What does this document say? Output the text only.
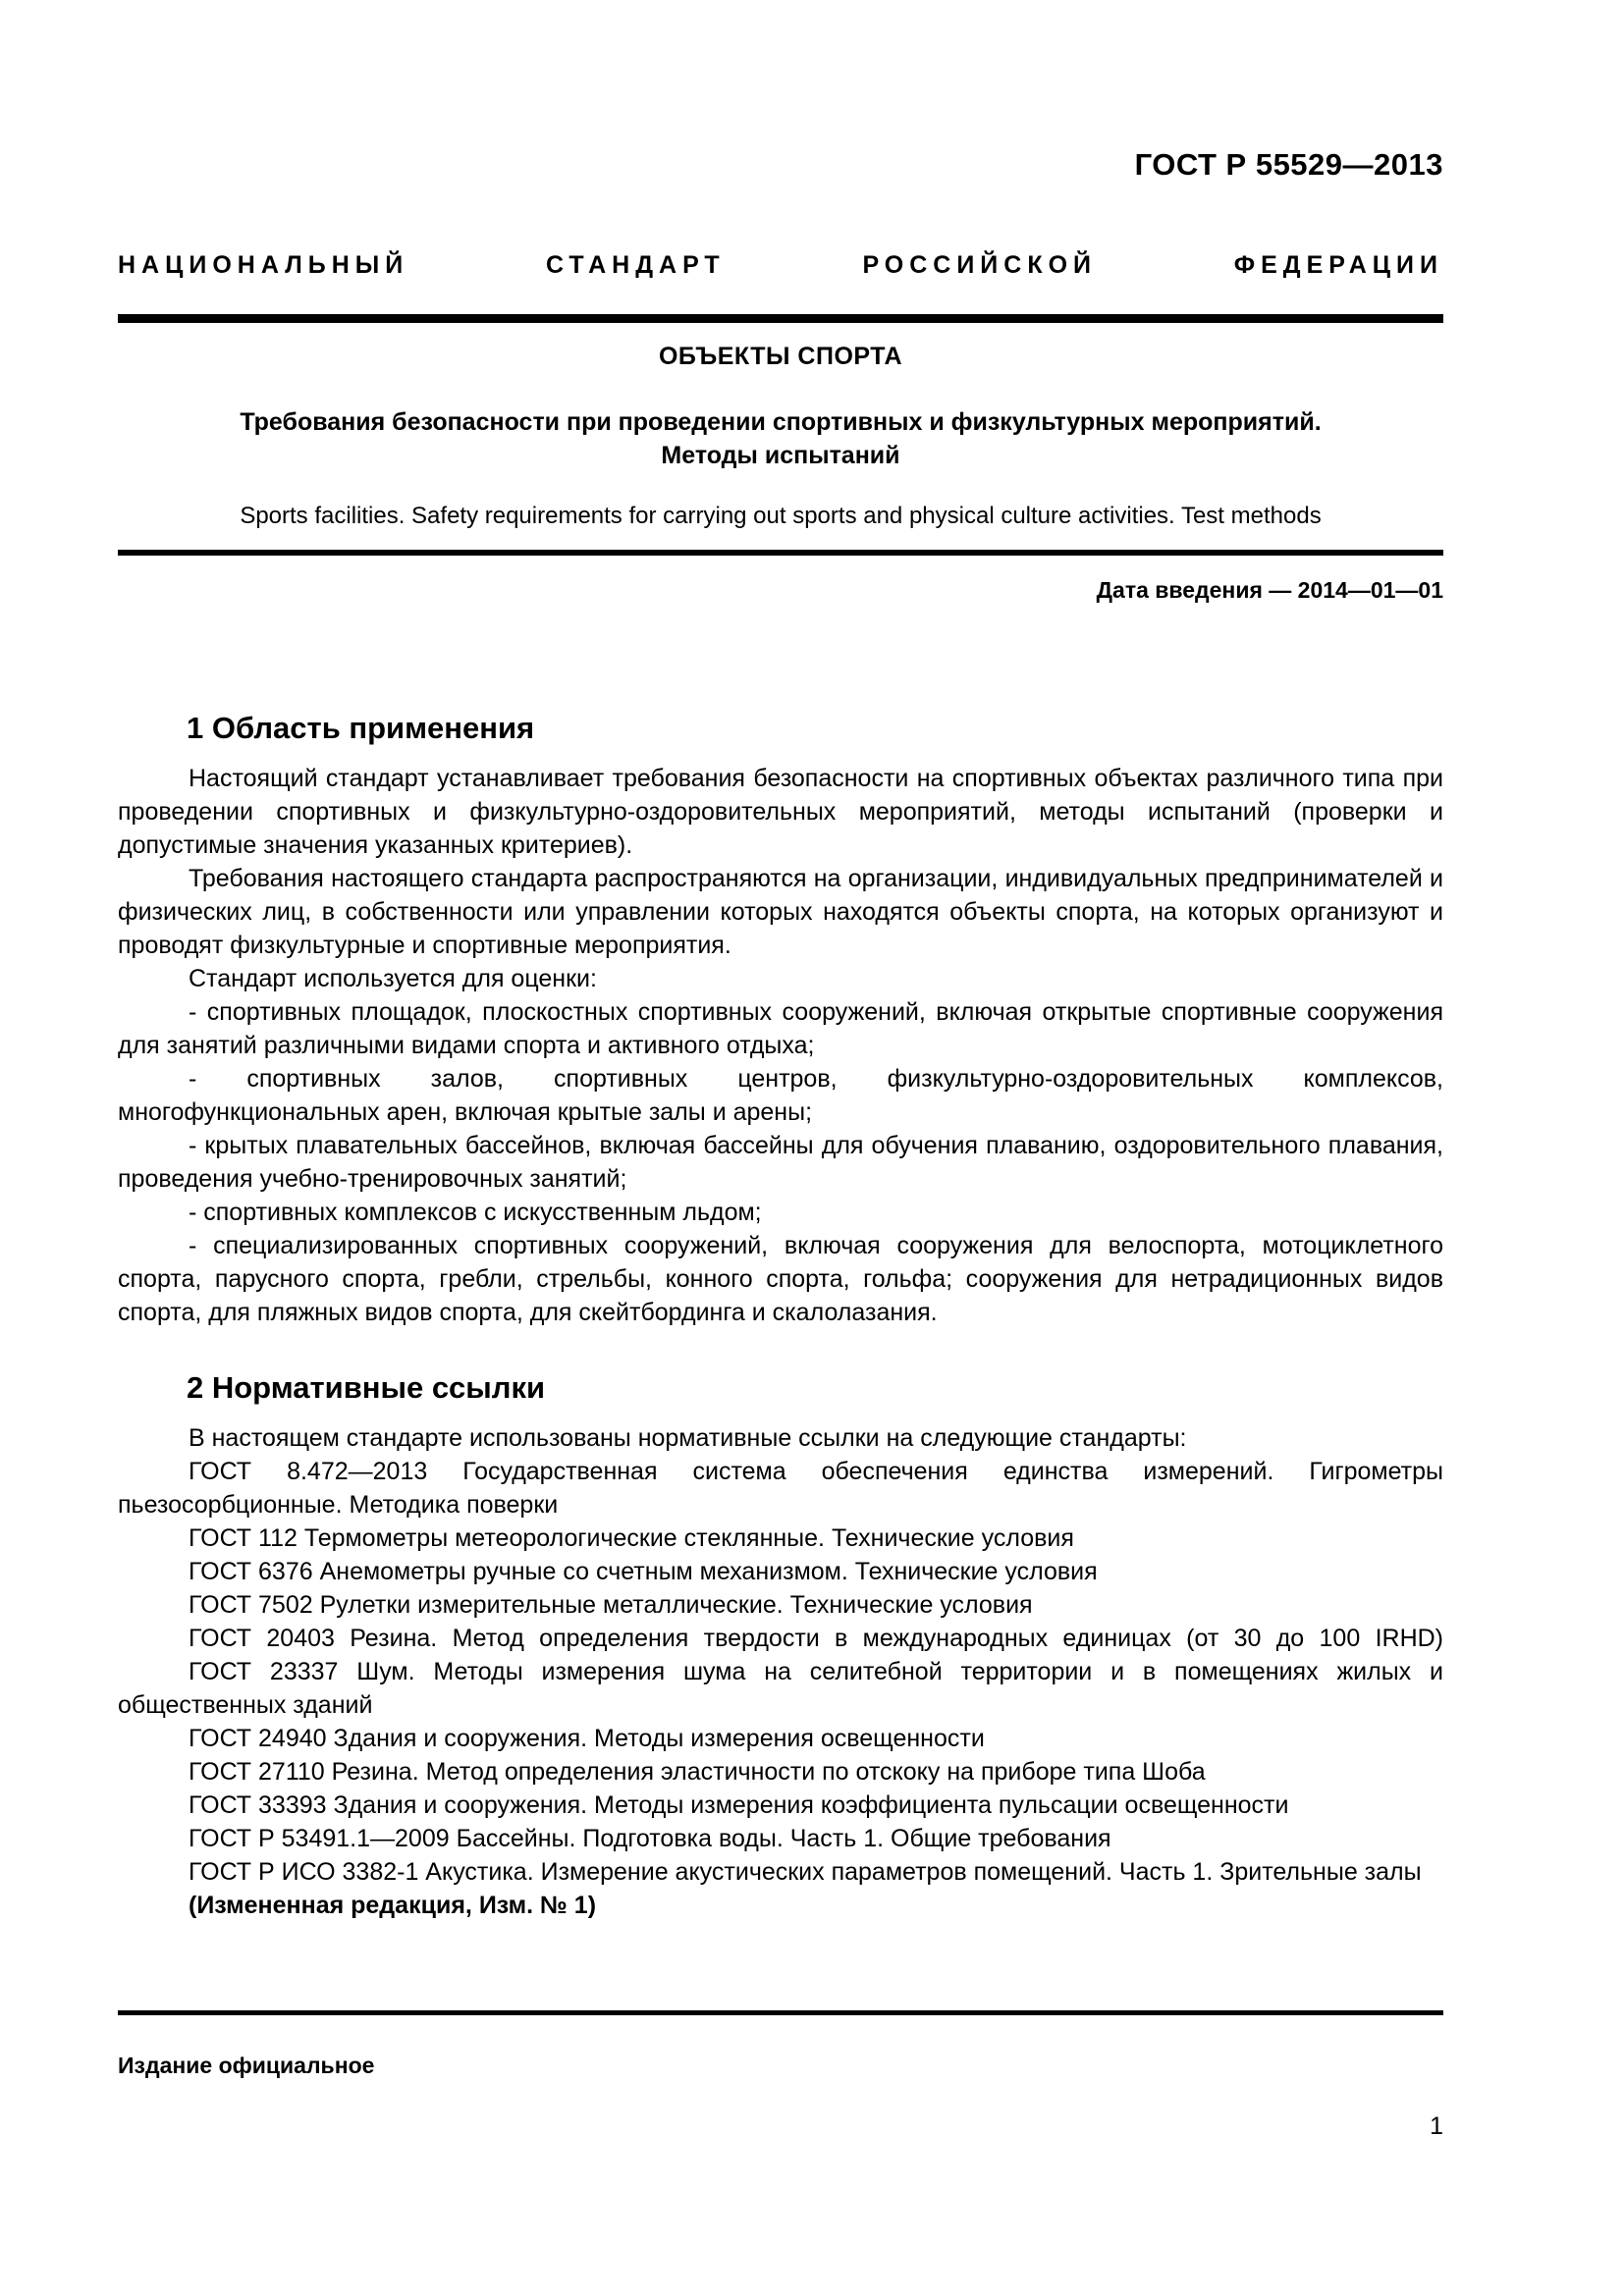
ГОСТ Р 55529—2013
НАЦИОНАЛЬНЫЙ СТАНДАРТ РОССИЙСКОЙ ФЕДЕРАЦИИ
ОБЪЕКТЫ СПОРТА
Требования безопасности при проведении спортивных и физкультурных мероприятий.
Методы испытаний
Sports facilities. Safety requirements for carrying out sports and physical culture activities. Test methods
Дата введения — 2014—01—01
1 Область применения

Настоящий стандарт устанавливает требования безопасности на спортивных объектах различного типа при проведении спортивных и физкультурно-оздоровительных мероприятий, методы испытаний (проверки и допустимые значения указанных критериев).

Требования настоящего стандарта распространяются на организации, индивидуальных предпринимателей и физических лиц, в собственности или управлении которых находятся объекты спорта, на которых организуют и проводят физкультурные и спортивные мероприятия.

Стандарт используется для оценки:

- спортивных площадок, плоскостных спортивных сооружений, включая открытые спортивные сооружения для занятий различными видами спорта и активного отдыха;

- спортивных залов, спортивных центров, физкультурно-оздоровительных комплексов, многофункциональных арен, включая крытые залы и арены;

- крытых плавательных бассейнов, включая бассейны для обучения плаванию, оздоровительного плавания, проведения учебно-тренировочных занятий;

- спортивных комплексов с искусственным льдом;

- специализированных спортивных сооружений, включая сооружения для велоспорта, мотоциклетного спорта, парусного спорта, гребли, стрельбы, конного спорта, гольфа; сооружения для нетрадиционных видов спорта, для пляжных видов спорта, для скейтбординга и скалолазания.

2 Нормативные ссылки

В настоящем стандарте использованы нормативные ссылки на следующие стандарты:

ГОСТ 8.472—2013 Государственная система обеспечения единства измерений. Гигрометры пьезосорбционные. Методика поверки

ГОСТ 112 Термометры метеорологические стеклянные. Технические условия

ГОСТ 6376 Анемометры ручные со счетным механизмом. Технические условия

ГОСТ 7502 Рулетки измерительные металлические. Технические условия

ГОСТ 20403 Резина. Метод определения твердости в международных единицах (от 30 до 100 IRHD)

ГОСТ 23337 Шум. Методы измерения шума на селитебной территории и в помещениях жилых и общественных зданий

ГОСТ 24940 Здания и сооружения. Методы измерения освещенности

ГОСТ 27110 Резина. Метод определения эластичности по отскоку на приборе типа Шоба

ГОСТ 33393 Здания и сооружения. Методы измерения коэффициента пульсации освещенности

ГОСТ Р 53491.1—2009 Бассейны. Подготовка воды. Часть 1. Общие требования

ГОСТ Р ИСО 3382-1 Акустика. Измерение акустических параметров помещений. Часть 1. Зрительные залы

(Измененная редакция, Изм. № 1)

Издание официальное
1
